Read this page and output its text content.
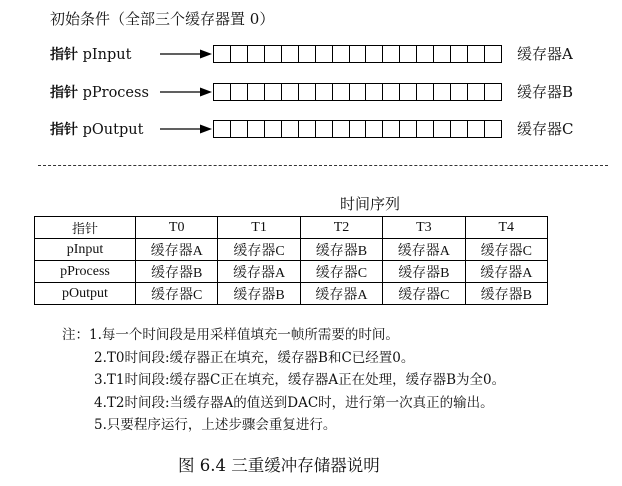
初始条件（全部三个缓存器置 0）
指针 pInput	缓存器A
指针 pProcess	缓存器B
指针 pOutput	缓存器C
时间序列
指针	T0	T1	T2	T3	T4
pInput	缓存器A	缓存器C	缓存器B	缓存器A	缓存器C
pProcess	缓存器B	缓存器A	缓存器C	缓存器B	缓存器A
pOutput	缓存器C	缓存器B	缓存器A	缓存器C	缓存器B
注：1.每一个时间段是用采样值填充一帧所需要的时间。
2.T0时间段:缓存器正在填充，缓存器B和C已经置0。
3.T1时间段:缓存器C正在填充，缓存器A正在处理，缓存器B为全0。
4.T2时间段:当缓存器A的值送到DAC时，进行第一次真正的输出。
5.只要程序运行，上述步骤会重复进行。
图 6.4 三重缓冲存储器说明
